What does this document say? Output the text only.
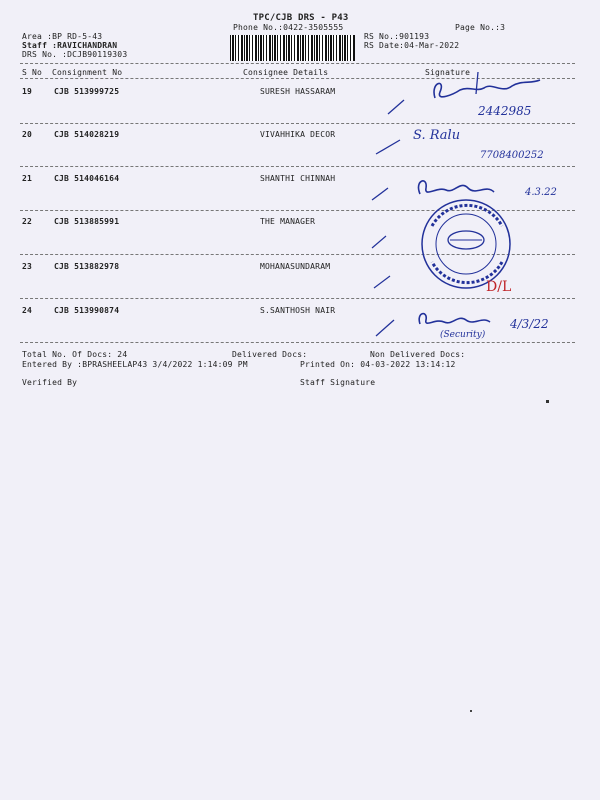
TPC/CJB DRS - P43
Phone No.:0422-3505555	Page No.:3
Area :BP RD-5-43
Staff :RAVICHANDRAN
DRS No. :DCJB90119303
RS No.:901193
RS Date:04-Mar-2022
S No Consignment No	Consignee Details	Signature
19	CJB 513999725	SURESH HASSARAM
20	CJB 514028219	VIVAHHIKA DECOR
21	CJB 514046164	SHANTHI CHINNAH
22	CJB 513885991	THE MANAGER
23	CJB 513882978	MOHANASUNDARAM
24	CJB 513990874	S.SANTHOSH NAIR
Total No. Of Docs: 24	Delivered Docs:	Non Delivered Docs:
Entered By :BPRASHEELAP43 3/4/2022 1:14:09 PM	Printed On: 04-03-2022 13:14:12
Verified By	Staff Signature
2442985
S. Ralu
7708400252
4.3.22
D/L
(Security)
4/3/22
